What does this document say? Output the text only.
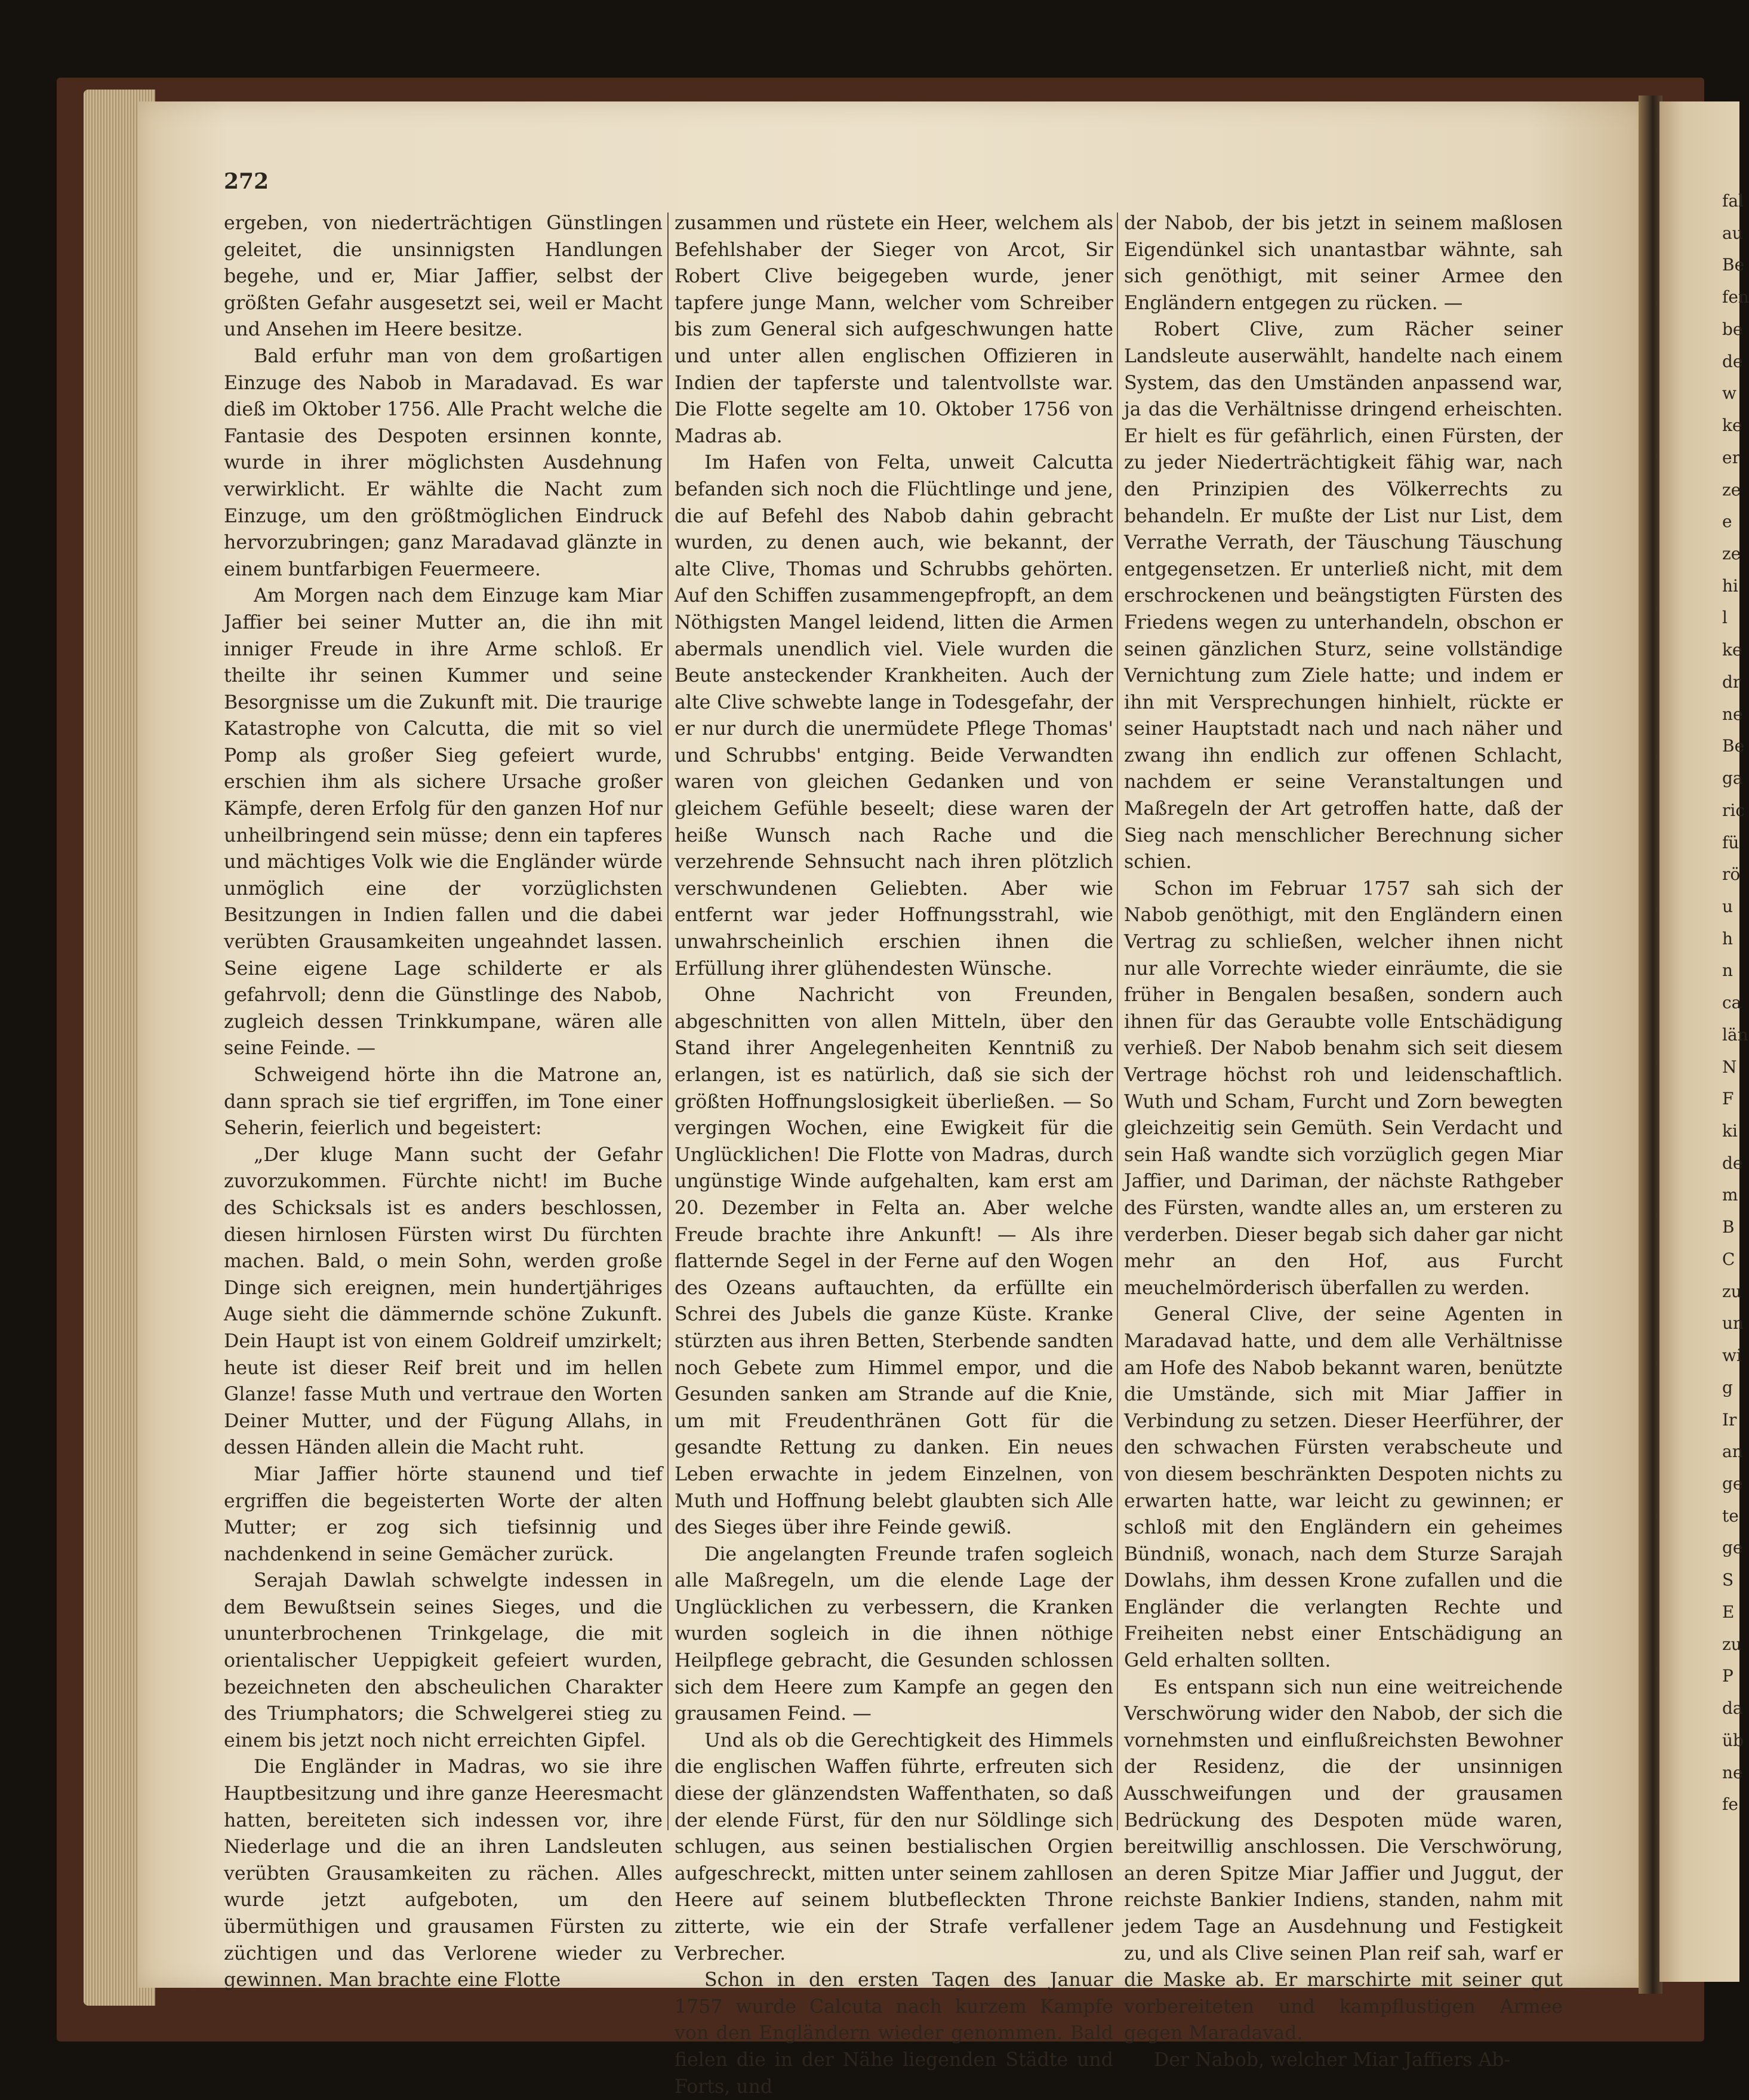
fal
au
Be
fen
be
de
w
ke
er
ze
e
ze
hi
l
ke
dr
ne
Be
ga
ric
fü
rö
u
h
n
ca
län
N
F
ki
de
m
B
C
zu
un
wi
g
Ir
an
ge
te
ge
S
E
zu
P
da
üb
ne
fe
272

ergeben, von niederträchtigen Günstlingen geleitet, die unsinnigsten Handlungen begehe, und er, Miar Jaffier, selbst der größten Gefahr ausgesetzt sei, weil er Macht und Ansehen im Heere besitze.

Bald erfuhr man von dem großartigen Einzuge des Nabob in Maradavad. Es war dieß im Oktober 1756. Alle Pracht welche die Fantasie des Despoten ersinnen konnte, wurde in ihrer möglichsten Ausdehnung verwirklicht. Er wählte die Nacht zum Einzuge, um den größtmöglichen Eindruck hervorzubringen; ganz Maradavad glänzte in einem buntfarbigen Feuermeere.

Am Morgen nach dem Einzuge kam Miar Jaffier bei seiner Mutter an, die ihn mit inniger Freude in ihre Arme schloß. Er theilte ihr seinen Kummer und seine Besorgnisse um die Zukunft mit. Die traurige Katastrophe von Calcutta, die mit so viel Pomp als großer Sieg gefeiert wurde, erschien ihm als sichere Ursache großer Kämpfe, deren Erfolg für den ganzen Hof nur unheilbringend sein müsse; denn ein tapferes und mächtiges Volk wie die Engländer würde unmöglich eine der vorzüglichsten Besitzungen in Indien fallen und die dabei verübten Grausamkeiten ungeahndet lassen. Seine eigene Lage schilderte er als gefahrvoll; denn die Günstlinge des Nabob, zugleich dessen Trinkkumpane, wären alle seine Feinde. —

Schweigend hörte ihn die Matrone an, dann sprach sie tief ergriffen, im Tone einer Seherin, feierlich und begeistert:

„Der kluge Mann sucht der Gefahr zuvorzukommen. Fürchte nicht! im Buche des Schicksals ist es anders beschlossen, diesen hirnlosen Fürsten wirst Du fürchten machen. Bald, o mein Sohn, werden große Dinge sich ereignen, mein hundertjähriges Auge sieht die dämmernde schöne Zukunft. Dein Haupt ist von einem Goldreif umzirkelt; heute ist dieser Reif breit und im hellen Glanze! fasse Muth und vertraue den Worten Deiner Mutter, und der Fügung Allahs, in dessen Händen allein die Macht ruht.

Miar Jaffier hörte staunend und tief ergriffen die begeisterten Worte der alten Mutter; er zog sich tiefsinnig und nachdenkend in seine Gemächer zurück.

Serajah Dawlah schwelgte indessen in dem Bewußtsein seines Sieges, und die ununterbrochenen Trinkgelage, die mit orientalischer Ueppigkeit gefeiert wurden, bezeichneten den abscheulichen Charakter des Triumphators; die Schwelgerei stieg zu einem bis jetzt noch nicht erreichten Gipfel.

Die Engländer in Madras, wo sie ihre Hauptbesitzung und ihre ganze Heeresmacht hatten, bereiteten sich indessen vor, ihre Niederlage und die an ihren Landsleuten verübten Grausamkeiten zu rächen. Alles wurde jetzt aufgeboten, um den übermüthigen und grausamen Fürsten zu züchtigen und das Verlorene wieder zu gewinnen. Man brachte eine Flotte

zusammen und rüstete ein Heer, welchem als Befehlshaber der Sieger von Arcot, Sir Robert Clive beigegeben wurde, jener tapfere junge Mann, welcher vom Schreiber bis zum General sich aufgeschwungen hatte und unter allen englischen Offizieren in Indien der tapferste und talentvollste war. Die Flotte segelte am 10. Oktober 1756 von Madras ab.

Im Hafen von Felta, unweit Calcutta befanden sich noch die Flüchtlinge und jene, die auf Befehl des Nabob dahin gebracht wurden, zu denen auch, wie bekannt, der alte Clive, Thomas und Schrubbs gehörten. Auf den Schiffen zusammengepfropft, an dem Nöthigsten Mangel leidend, litten die Armen abermals unendlich viel. Viele wurden die Beute ansteckender Krankheiten. Auch der alte Clive schwebte lange in Todesgefahr, der er nur durch die unermüdete Pflege Thomas' und Schrubbs' entging. Beide Verwandten waren von gleichen Gedanken und von gleichem Gefühle beseelt; diese waren der heiße Wunsch nach Rache und die verzehrende Sehnsucht nach ihren plötzlich verschwundenen Geliebten. Aber wie entfernt war jeder Hoffnungsstrahl, wie unwahrscheinlich erschien ihnen die Erfüllung ihrer glühendesten Wünsche.

Ohne Nachricht von Freunden, abgeschnitten von allen Mitteln, über den Stand ihrer Angelegenheiten Kenntniß zu erlangen, ist es natürlich, daß sie sich der größten Hoffnungslosigkeit überließen. — So vergingen Wochen, eine Ewigkeit für die Unglücklichen! Die Flotte von Madras, durch ungünstige Winde aufgehalten, kam erst am 20. Dezember in Felta an. Aber welche Freude brachte ihre Ankunft! — Als ihre flatternde Segel in der Ferne auf den Wogen des Ozeans auftauchten, da erfüllte ein Schrei des Jubels die ganze Küste. Kranke stürzten aus ihren Betten, Sterbende sandten noch Gebete zum Himmel empor, und die Gesunden sanken am Strande auf die Knie, um mit Freudenthränen Gott für die gesandte Rettung zu danken. Ein neues Leben erwachte in jedem Einzelnen, von Muth und Hoffnung belebt glaubten sich Alle des Sieges über ihre Feinde gewiß.

Die angelangten Freunde trafen sogleich alle Maßregeln, um die elende Lage der Unglücklichen zu verbessern, die Kranken wurden sogleich in die ihnen nöthige Heilpflege gebracht, die Gesunden schlossen sich dem Heere zum Kampfe an gegen den grausamen Feind. —

Und als ob die Gerechtigkeit des Himmels die englischen Waffen führte, erfreuten sich diese der glänzendsten Waffenthaten, so daß der elende Fürst, für den nur Söldlinge sich schlugen, aus seinen bestialischen Orgien aufgeschreckt, mitten unter seinem zahllosen Heere auf seinem blutbefleckten Throne zitterte, wie ein der Strafe verfallener Verbrecher.

Schon in den ersten Tagen des Januar 1757 wurde Calcuta nach kurzem Kampfe von den Engländern wieder genommen. Bald fielen die in der Nähe liegenden Städte und Forts, und

der Nabob, der bis jetzt in seinem maßlosen Eigendünkel sich unantastbar wähnte, sah sich genöthigt, mit seiner Armee den Engländern entgegen zu rücken. —

Robert Clive, zum Rächer seiner Landsleute auserwählt, handelte nach einem System, das den Umständen anpassend war, ja das die Verhältnisse dringend erheischten. Er hielt es für gefährlich, einen Fürsten, der zu jeder Niederträchtigkeit fähig war, nach den Prinzipien des Völkerrechts zu behandeln. Er mußte der List nur List, dem Verrathe Verrath, der Täuschung Täuschung entgegensetzen. Er unterließ nicht, mit dem erschrockenen und beängstigten Fürsten des Friedens wegen zu unterhandeln, obschon er seinen gänzlichen Sturz, seine vollständige Vernichtung zum Ziele hatte; und indem er ihn mit Versprechungen hinhielt, rückte er seiner Hauptstadt nach und nach näher und zwang ihn endlich zur offenen Schlacht, nachdem er seine Veranstaltungen und Maßregeln der Art getroffen hatte, daß der Sieg nach menschlicher Berechnung sicher schien.

Schon im Februar 1757 sah sich der Nabob genöthigt, mit den Engländern einen Vertrag zu schließen, welcher ihnen nicht nur alle Vorrechte wieder einräumte, die sie früher in Bengalen besaßen, sondern auch ihnen für das Geraubte volle Entschädigung verhieß. Der Nabob benahm sich seit diesem Vertrage höchst roh und leidenschaftlich. Wuth und Scham, Furcht und Zorn bewegten gleichzeitig sein Gemüth. Sein Verdacht und sein Haß wandte sich vorzüglich gegen Miar Jaffier, und Dariman, der nächste Rathgeber des Fürsten, wandte alles an, um ersteren zu verderben. Dieser begab sich daher gar nicht mehr an den Hof, aus Furcht meuchelmörderisch überfallen zu werden.

General Clive, der seine Agenten in Maradavad hatte, und dem alle Verhältnisse am Hofe des Nabob bekannt waren, benützte die Umstände, sich mit Miar Jaffier in Verbindung zu setzen. Dieser Heerführer, der den schwachen Fürsten verabscheute und von diesem beschränkten Despoten nichts zu erwarten hatte, war leicht zu gewinnen; er schloß mit den Engländern ein geheimes Bündniß, wonach, nach dem Sturze Sarajah Dowlahs, ihm dessen Krone zufallen und die Engländer die verlangten Rechte und Freiheiten nebst einer Entschädigung an Geld erhalten sollten.

Es entspann sich nun eine weitreichende Verschwörung wider den Nabob, der sich die vornehmsten und einflußreichsten Bewohner der Residenz, die der unsinnigen Ausschweifungen und der grausamen Bedrückung des Despoten müde waren, bereitwillig anschlossen. Die Verschwörung, an deren Spitze Miar Jaffier und Juggut, der reichste Bankier Indiens, standen, nahm mit jedem Tage an Ausdehnung und Festigkeit zu, und als Clive seinen Plan reif sah, warf er die Maske ab. Er marschirte mit seiner gut vorbereiteten und kampflustigen Armee gegen Maradavad.

Der Nabob, welcher Miar Jaffiers Ab-
